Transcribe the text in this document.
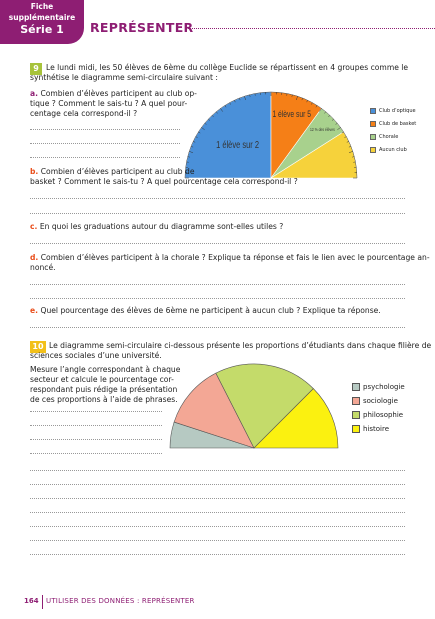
Fiche
supplémentaire
Série 1	REPRÉSENTER
9 Le lundi midi, les 50 élèves de 6ème du collège Euclide se répartissent en 4 groupes comme le
synthétise le diagramme semi-circulaire suivant :
a. Combien d’élèves participent au club op-
tique ? Comment le sais-tu ? A quel pour-
centage cela correspond-il ?
1 élève sur 2
1 élève sur 5
12 % des élèves
Club d’optique
Club de basket
Chorale
Aucun club
b. Combien d’élèves participent au club de
basket ? Comment le sais-tu ? A quel pourcentage cela correspond-il ?
c. En quoi les graduations autour du diagramme sont-elles utiles ?
d. Combien d’élèves participent à la chorale ? Explique ta réponse et fais le lien avec le pourcentage an-
noncé.
e. Quel pourcentage des élèves de 6ème ne participent à aucun club ? Explique ta réponse.
10 Le diagramme semi-circulaire ci-dessous présente les proportions d’étudiants dans chaque filière de
sciences sociales d’une université.
Mesure l’angle correspondant à chaque
secteur et calcule le pourcentage cor-
respondant puis rédige la présentation
de ces proportions à l’aide de phrases.
psychologie
sociologie
philosophie
histoire
164 UTILISER DES DONNÉES : REPRÉSENTER
